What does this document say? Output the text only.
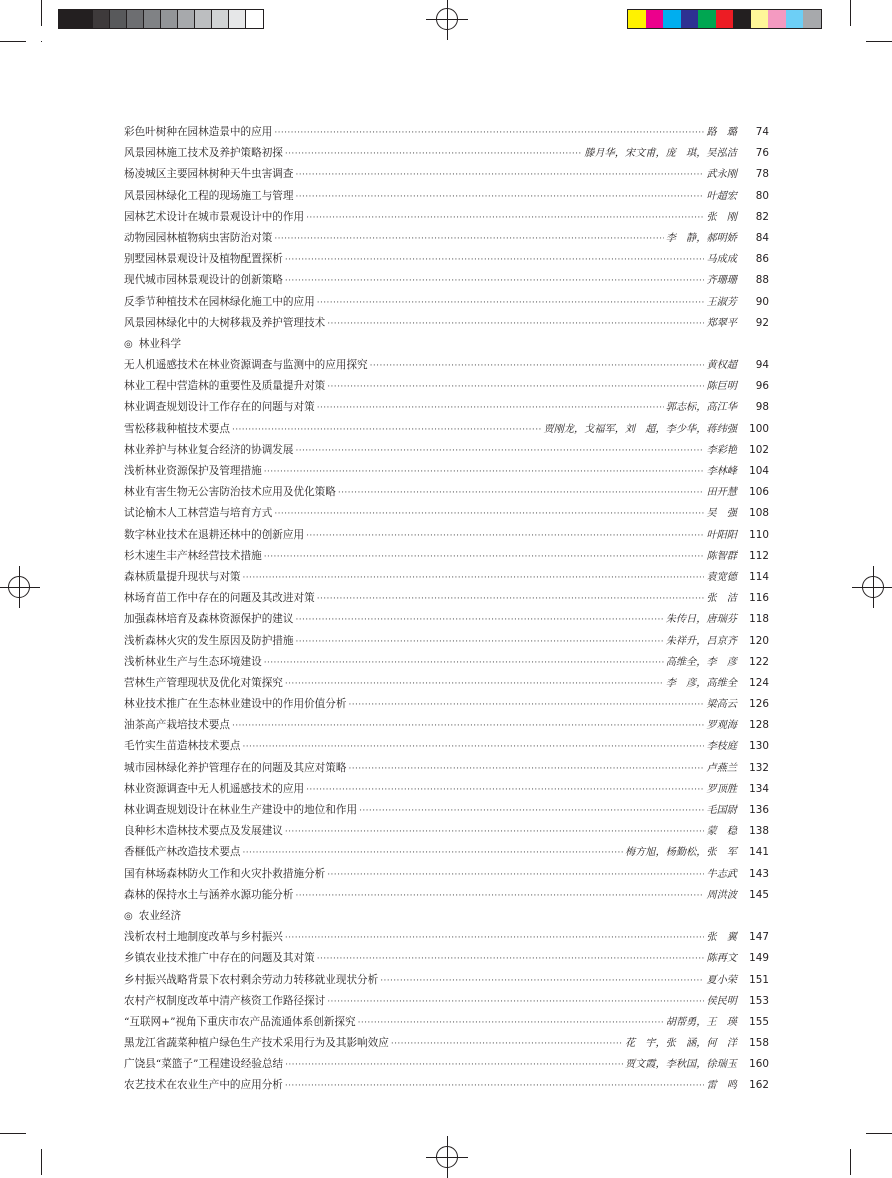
彩色叶树种在园林造景中的应用 ·····	路　璐	74
风景园林施工技术及养护策略初探 ·····	滕月华，宋文甫，庞　琪，吴泓洁	76
杨凌城区主要园林树种天牛虫害调查 ·····	武永刚	78
风景园林绿化工程的现场施工与管理 ·····	叶超宏	80
园林艺术设计在城市景观设计中的作用 ·····	张　刚	82
动物园园林植物病虫害防治对策 ·····	李　静，郝明娇	84
别墅园林景观设计及植物配置探析 ·····	马成成	86
现代城市园林景观设计的创新策略 ·····	齐珊珊	88
反季节种植技术在园林绿化施工中的应用 ·····	王淑芳	90
风景园林绿化中的大树移栽及养护管理技术 ·····	郑翠平	92
◎ 林业科学
无人机遥感技术在林业资源调查与监测中的应用探究 ·····	黄权超	94
林业工程中营造林的重要性及质量提升对策 ·····	陈巨明	96
林业调查规划设计工作存在的问题与对策 ·····	郭志标，高江华	98
雪松移栽种植技术要点 ·····	贾刚龙，戈福军，刘　超，李少华，蒋纬强	100
林业养护与林业复合经济的协调发展 ·····	李彩艳	102
浅析林业资源保护及管理措施 ·····	李林峰	104
林业有害生物无公害防治技术应用及优化策略 ·····	田开慧	106
试论榆木人工林营造与培育方式 ·····	吴　强	108
数字林业技术在退耕还林中的创新应用 ·····	叶阳阳	110
杉木速生丰产林经营技术措施 ·····	陈智群	112
森林质量提升现状与对策 ·····	袁宽德	114
林场育苗工作中存在的问题及其改进对策 ·····	张　洁	116
加强森林培育及森林资源保护的建议 ·····	朱传日，唐瑞芬	118
浅析森林火灾的发生原因及防护措施 ·····	朱祥升，吕京齐	120
浅析林业生产与生态环境建设 ·····	高维全，李　彦	122
营林生产管理现状及优化对策探究 ·····	李　彦，高维全	124
林业技术推广在生态林业建设中的作用价值分析 ·····	梁高云	126
油茶高产栽培技术要点 ·····	罗观海	128
毛竹实生苗造林技术要点 ·····	李枝庭	130
城市园林绿化养护管理存在的问题及其应对策略 ·····	卢燕兰	132
林业资源调查中无人机遥感技术的应用 ·····	罗顶胜	134
林业调查规划设计在林业生产建设中的地位和作用 ·····	毛国尉	136
良种杉木造林技术要点及发展建议 ·····	蒙　稳	138
香榧低产林改造技术要点 ·····	梅方旭，杨勤松，张　军	141
国有林场森林防火工作和火灾扑救措施分析 ·····	牛志武	143
森林的保持水土与涵养水源功能分析 ·····	周洪波	145
◎ 农业经济
浅析农村土地制度改革与乡村振兴 ·····	张　翼	147
乡镇农业技术推广中存在的问题及其对策 ·····	陈再文	149
乡村振兴战略背景下农村剩余劳动力转移就业现状分析 ·····	夏小荣	151
农村产权制度改革中清产核资工作路径探讨 ·····	侯民明	153
“互联网+”视角下重庆市农产品流通体系创新探究 ·····	胡帮勇，王　瑛	155
黑龙江省蔬菜种植户绿色生产技术采用行为及其影响效应 ·····	花　宇，张　涵，何　洋	158
广饶县“菜篮子”工程建设经验总结 ·····	贾文霞，李秋国，徐瑞玉	160
农艺技术在农业生产中的应用分析 ·····	雷　鸣	162
